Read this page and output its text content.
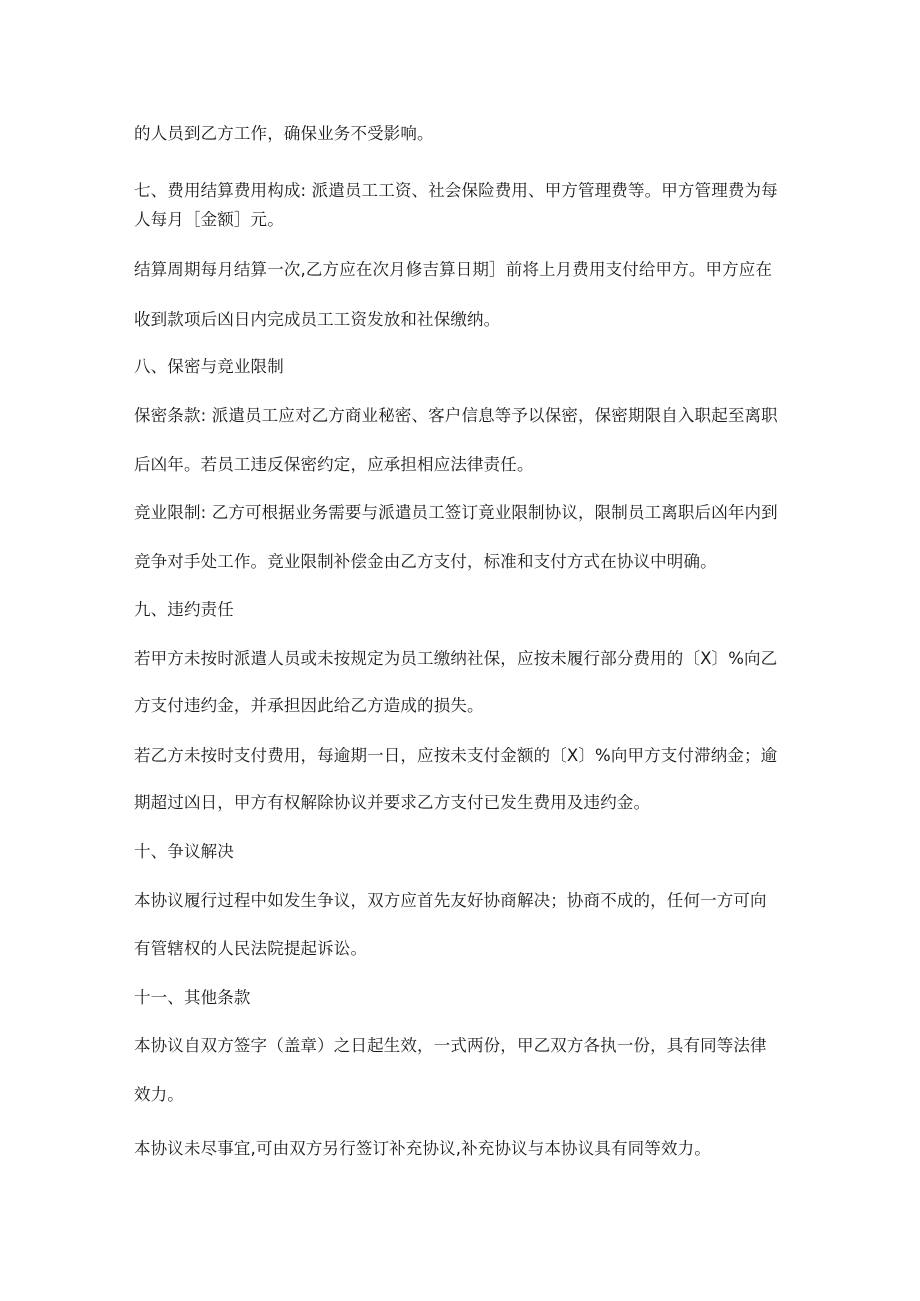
的人员到乙方工作，确保业务不受影响。
七、费用结算费用构成: 派遣员工工资、社会保险费用、甲方管理费等。甲方管理费为每
人每月［金额］元。
结算周期每月结算一次,乙方应在次月修吉算日期］前将上月费用支付给甲方。甲方应在
收到款项后凶日内完成员工工资发放和社保缴纳。
八、保密与竞业限制
保密条款: 派遣员工应对乙方商业秘密、客户信息等予以保密，保密期限自入职起至离职
后凶年。若员工违反保密约定，应承担相应法律责任。
竞业限制: 乙方可根据业务需要与派遣员工签订竟业限制协议，限制员工离职后凶年内到
竞争对手处工作。竞业限制补偿金由乙方支付，标准和支付方式在协议中明确。
九、违约责任
若甲方未按时派遣人员或未按规定为员工缴纳社保，应按未履行部分费用的〔X〕%向乙
方支付违约金，并承担因此给乙方造成的损失。
若乙方未按时支付费用，每逾期一日，应按未支付金额的〔X〕%向甲方支付滞纳金；逾
期超过凶日，甲方有权解除协议并要求乙方支付已发生费用及违约金。
十、争议解决
本协议履行过程中如发生争议，双方应首先友好协商解决；协商不成的，任何一方可向
有管辖权的人民法院提起诉讼。
十一、其他条款
本协议自双方签字（盖章）之日起生效，一式两份，甲乙双方各执一份，具有同等法律
效力。
本协议未尽事宜,可由双方另行签订补充协议,补充协议与本协议具有同等效力。
